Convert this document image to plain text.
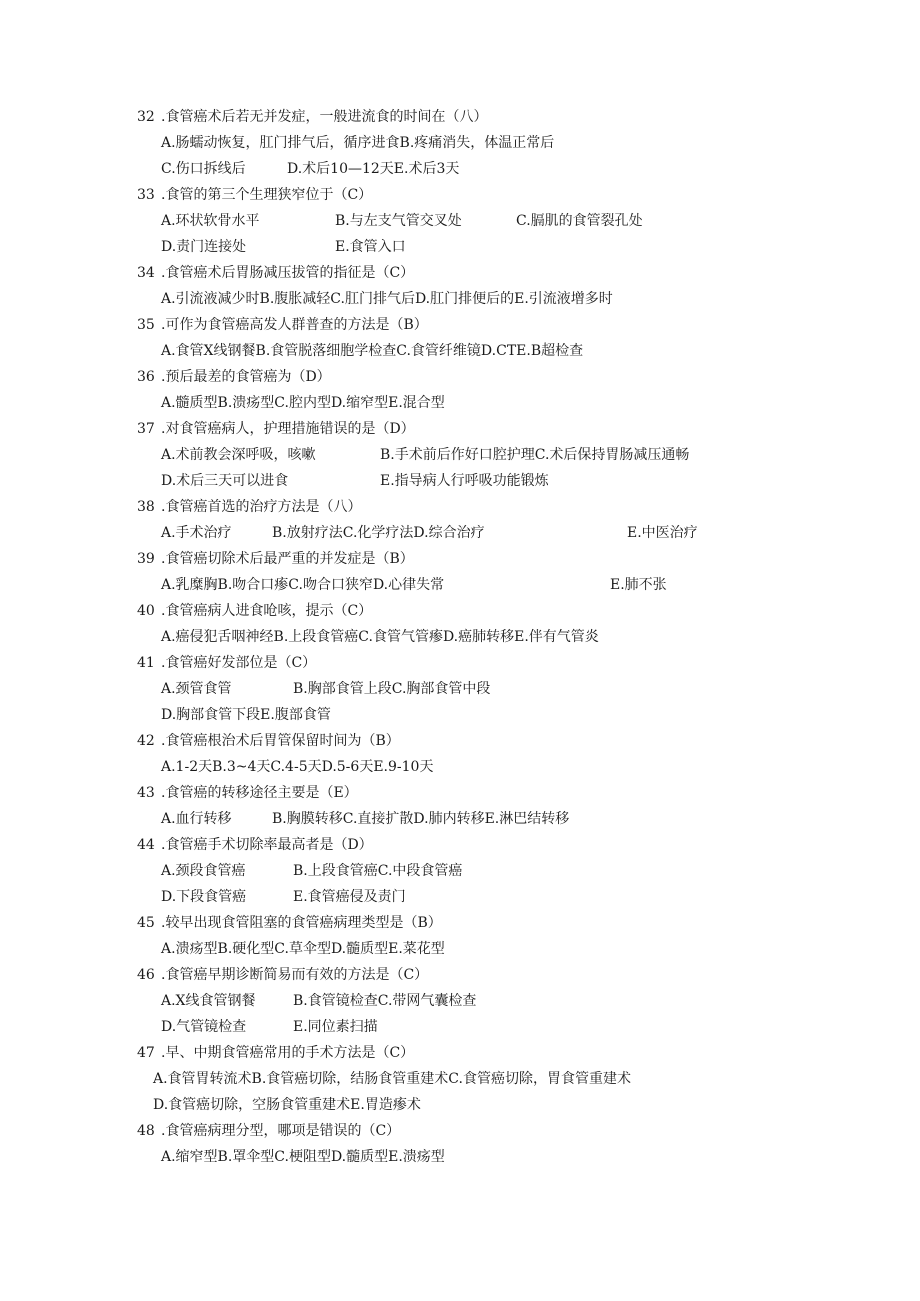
32

.食管癌术后若无并发症，一般进流食的时间在（八）

A.肠蠕动恢复，肛门排气后，循序进食B.疼痛消失，体温正常后

C.伤口拆线后

	D.术后10—12天E.术后3天

33

.食管的第三个生理狭窄位于（C）

A.环状软骨水平

	B.与左支气管交叉处

	C.膈肌的食管裂孔处

D.责门连接处

	E.食管入口

34

.食管癌术后胃肠减压拔管的指征是（C）

A.引流液减少时B.腹胀减轻C.肛门排气后D.肛门排便后的E.引流液增多时

35

.可作为食管癌高发人群普查的方法是（B）

A.食管X线钢餐B.食管脱落细胞学检查C.食管纤维镜D.CTE.B超检查

36

.预后最差的食管癌为（D）

A.髓质型B.溃疡型C.腔内型D.缩窄型E.混合型

37

.对食管癌病人，护理措施错误的是（D）

A.术前教会深呼吸，咳嗽

	B.手术前后作好口腔护理C.术后保持胃肠减压通畅

D.术后三天可以进食

	E.指导病人行呼吸功能锻炼

38

.食管癌首选的治疗方法是（八）

A.手术治疗

	B.放射疗法C.化学疗法D.综合治疗

	E.中医治疗

39

.食管癌切除术后最严重的并发症是（B）

A.乳糜胸B.吻合口瘆C.吻合口狭窄D.心律失常

	E.肺不张

40

.食管癌病人进食呛咳，提示（C）

A.癌侵犯舌咽神经B.上段食管癌C.食管气管瘆D.癌肺转移E.伴有气管炎

41

.食管癌好发部位是（C）

A.颈管食管

	B.胸部食管上段C.胸部食管中段

D.胸部食管下段E.腹部食管

42

.食管癌根治术后胃管保留时间为（B）

A.1-2天B.3~4天C.4-5天D.5-6天E.9-10天

43

.食管癌的转移途径主要是（E）

A.血行转移

	B.胸膜转移C.直接扩散D.肺内转移E.淋巴结转移

44

.食管癌手术切除率最高者是（D）

A.颈段食管癌

	B.上段食管癌C.中段食管癌

D.下段食管癌

	E.食管癌侵及责门

45

.较早出现食管阻塞的食管癌病理类型是（B）

A.溃疡型B.硬化型C.草伞型D.髓质型E.菜花型

46

.食管癌早期诊断简易而有效的方法是（C）

A.X线食管钢餐

	B.食管镜检查C.带网气囊检查

D.气管镜检查

	E.同位素扫描

47

.早、中期食管癌常用的手术方法是（C）

A.食管胃转流术B.食管癌切除，结肠食管重建术C.食管癌切除，胃食管重建术

D.食管癌切除，空肠食管重建术E.胃造瘆术

48

.食管癌病理分型，哪项是错误的（C）

A.缩窄型B.罩伞型C.梗阻型D.髓质型E.溃疡型
